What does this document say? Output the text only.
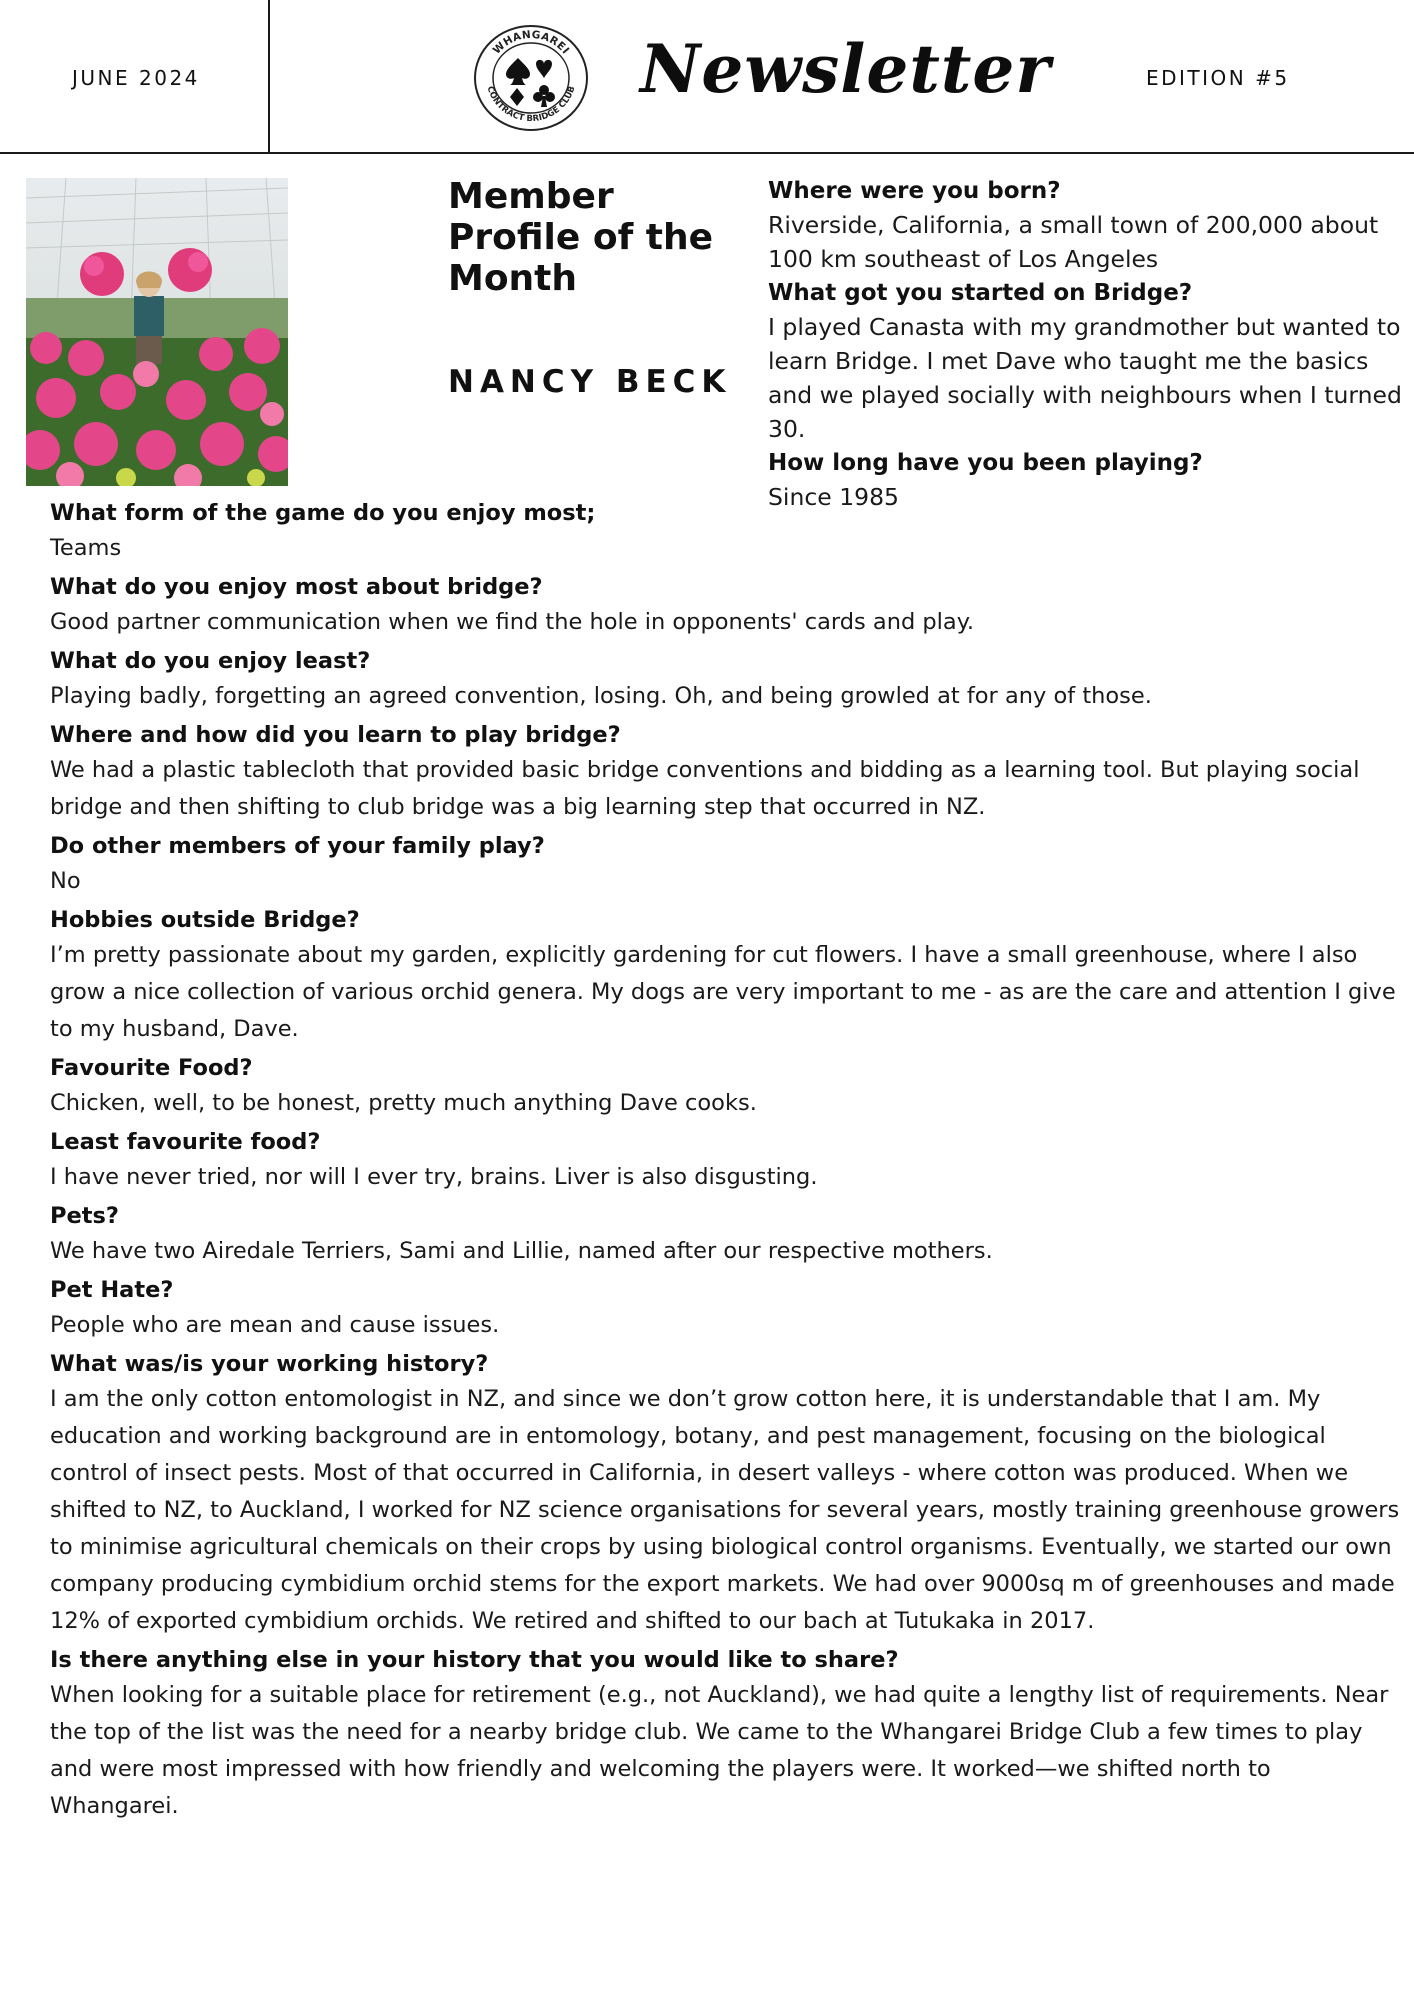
JUNE 2024
WHANGAREI
CONTRACT BRIDGE CLUB Newsletter	EDITION #5
Member Profile of the Month
NANCY BECK

Where were you born?

Riverside, California, a small town of 200,000 about 100 km southeast of Los Angeles

What got you started on Bridge?

I played Canasta with my grandmother but wanted to learn Bridge. I met Dave who taught me the basics and we played socially with neighbours when I turned 30.

How long have you been playing?

Since 1985

What form of the game do you enjoy most;

Teams

What do you enjoy most about bridge?

Good partner communication when we find the hole in opponents' cards and play.

What do you enjoy least?

Playing badly, forgetting an agreed convention, losing. Oh, and being growled at for any of those.

Where and how did you learn to play bridge?

We had a plastic tablecloth that provided basic bridge conventions and bidding as a learning tool. But playing social bridge and then shifting to club bridge was a big learning step that occurred in NZ.

Do other members of your family play?

No

Hobbies outside Bridge?

I’m pretty passionate about my garden, explicitly gardening for cut flowers. I have a small greenhouse, where I also grow a nice collection of various orchid genera. My dogs are very important to me - as are the care and attention I give to my husband, Dave.

Favourite Food?

Chicken, well, to be honest, pretty much anything Dave cooks.

Least favourite food?

I have never tried, nor will I ever try, brains. Liver is also disgusting.

Pets?

We have two Airedale Terriers, Sami and Lillie, named after our respective mothers.

Pet Hate?

People who are mean and cause issues.

What was/is your working history?

I am the only cotton entomologist in NZ, and since we don’t grow cotton here, it is understandable that I am. My education and working background are in entomology, botany, and pest management, focusing on the biological control of insect pests. Most of that occurred in California, in desert valleys - where cotton was produced. When we shifted to NZ, to Auckland, I worked for NZ science organisations for several years, mostly training greenhouse growers to minimise agricultural chemicals on their crops by using biological control organisms. Eventually, we started our own company producing cymbidium orchid stems for the export markets. We had over 9000sq m of greenhouses and made 12% of exported cymbidium orchids. We retired and shifted to our bach at Tutukaka in 2017.

Is there anything else in your history that you would like to share?

When looking for a suitable place for retirement (e.g., not Auckland), we had quite a lengthy list of requirements. Near the top of the list was the need for a nearby bridge club. We came to the Whangarei Bridge Club a few times to play and were most impressed with how friendly and welcoming the players were. It worked—we shifted north to Whangarei.
